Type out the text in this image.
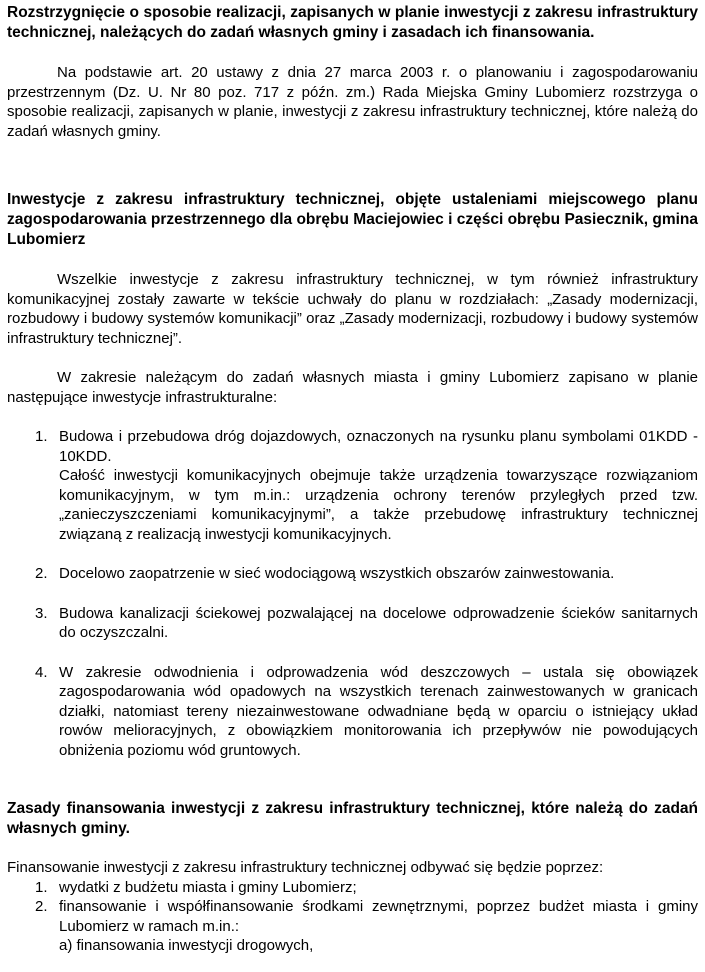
Rozstrzygnięcie o sposobie realizacji, zapisanych w planie inwestycji z zakresu infrastruktury technicznej, należących do zadań własnych gminy i zasadach ich finansowania.

Na podstawie art. 20 ustawy z dnia 27 marca 2003 r. o planowaniu i zagospodarowaniu przestrzennym (Dz. U. Nr 80 poz. 717 z późn. zm.) Rada Miejska Gminy Lubomierz rozstrzyga o sposobie realizacji, zapisanych w planie, inwestycji z zakresu infrastruktury technicznej, które należą do zadań własnych gminy.

Inwestycje z zakresu infrastruktury technicznej, objęte ustaleniami miejscowego planu zagospodarowania przestrzennego dla obrębu Maciejowiec i części obrębu Pasiecznik, gmina Lubomierz

Wszelkie inwestycje z zakresu infrastruktury technicznej, w tym również infrastruktury komunikacyjnej zostały zawarte w tekście uchwały do planu w rozdziałach: „Zasady modernizacji, rozbudowy i budowy systemów komunikacji” oraz „Zasady modernizacji, rozbudowy i budowy systemów infrastruktury technicznej”.

W zakresie należącym do zadań własnych miasta i gminy Lubomierz zapisano w planie następujące inwestycje infrastrukturalne:

1. Budowa i przebudowa dróg dojazdowych, oznaczonych na rysunku planu symbolami 01KDD - 10KDD.
Całość inwestycji komunikacyjnych obejmuje także urządzenia towarzyszące rozwiązaniom komunikacyjnym, w tym m.in.: urządzenia ochrony terenów przyległych przed tzw. „zanieczyszczeniami komunikacyjnymi”, a także przebudowę infrastruktury technicznej związaną z realizacją inwestycji komunikacyjnych.
2. Docelowo zaopatrzenie w sieć wodociągową wszystkich obszarów zainwestowania.
3. Budowa kanalizacji ściekowej pozwalającej na docelowe odprowadzenie ścieków sanitarnych do oczyszczalni.
4. W zakresie odwodnienia i odprowadzenia wód deszczowych – ustala się obowiązek zagospodarowania wód opadowych na wszystkich terenach zainwestowanych w granicach działki, natomiast tereny niezainwestowane odwadniane będą w oparciu o istniejący układ rowów melioracyjnych, z obowiązkiem monitorowania ich przepływów nie powodujących obniżenia poziomu wód gruntowych.

Zasady finansowania inwestycji z zakresu infrastruktury technicznej, które należą do zadań własnych gminy.

Finansowanie inwestycji z zakresu infrastruktury technicznej odbywać się będzie poprzez:

1. wydatki z budżetu miasta i gminy Lubomierz;
2. finansowanie i współfinansowanie środkami zewnętrznymi, poprzez budżet miasta i gminy Lubomierz w ramach m.in.:
a) finansowania inwestycji drogowych,
